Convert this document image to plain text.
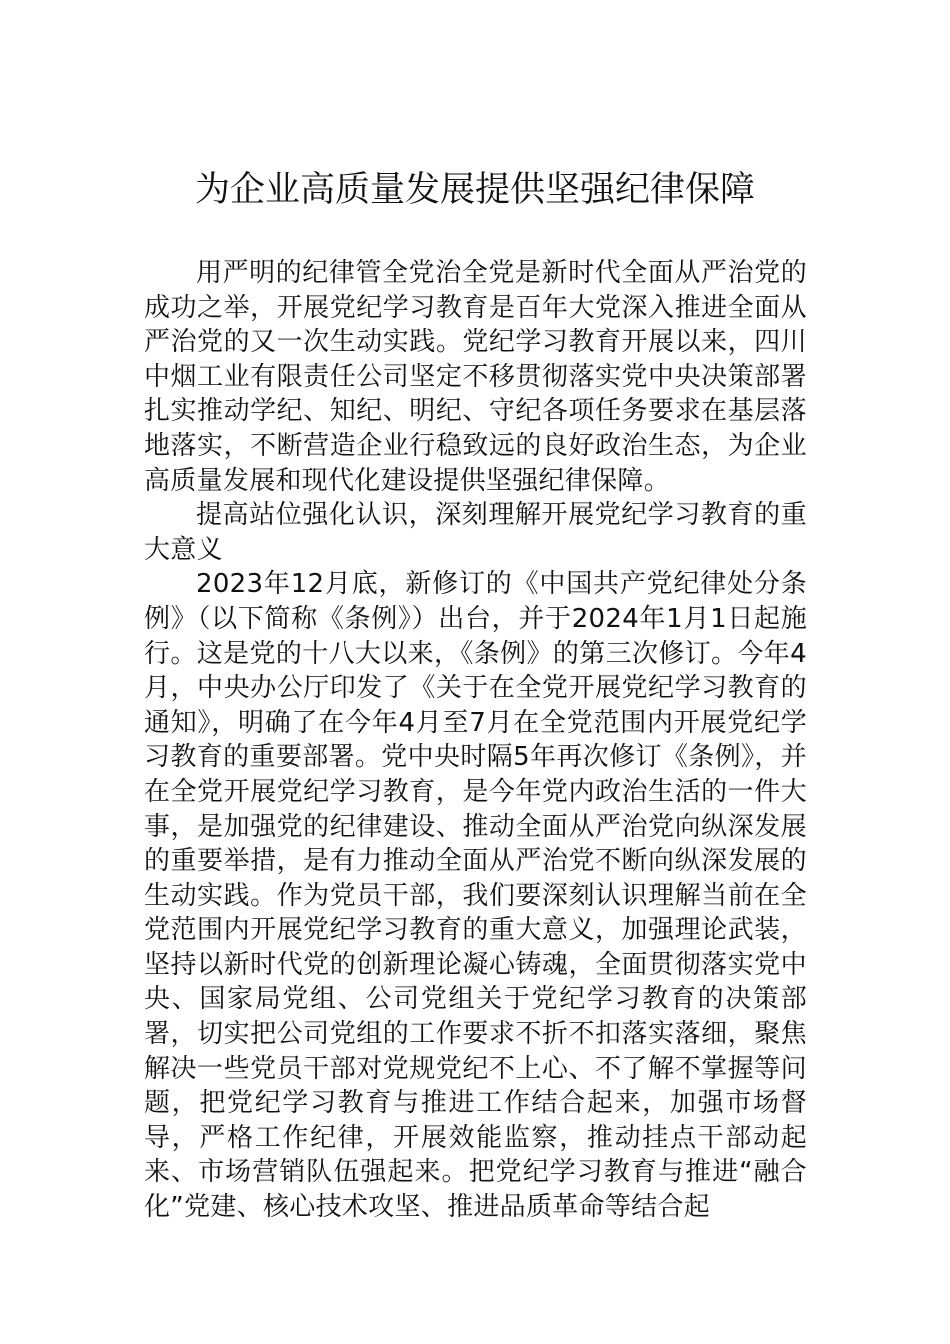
为企业高质量发展提供坚强纪律保障

用严明的纪律管全党治全党是新时代全面从严治党的成功之举，开展党纪学习教育是百年大党深入推进全面从严治党的又一次生动实践。党纪学习教育开展以来，四川中烟工业有限责任公司坚定不移贯彻落实党中央决策部署扎实推动学纪、知纪、明纪、守纪各项任务要求在基层落地落实，不断营造企业行稳致远的良好政治生态，为企业高质量发展和现代化建设提供坚强纪律保障。

提高站位强化认识，深刻理解开展党纪学习教育的重大意义

2023年12月底，新修订的《中国共产党纪律处分条例》（以下简称《条例》）出台，并于2024年1月1日起施行。这是党的十八大以来，《条例》的第三次修订。今年4月，中央办公厅印发了《关于在全党开展党纪学习教育的通知》，明确了在今年4月至7月在全党范围内开展党纪学习教育的重要部署。党中央时隔5年再次修订《条例》，并在全党开展党纪学习教育，是今年党内政治生活的一件大事，是加强党的纪律建设、推动全面从严治党向纵深发展的重要举措，是有力推动全面从严治党不断向纵深发展的生动实践。作为党员干部，我们要深刻认识理解当前在全党范围内开展党纪学习教育的重大意义，加强理论武装，坚持以新时代党的创新理论凝心铸魂，全面贯彻落实党中央、国家局党组、公司党组关于党纪学习教育的决策部署，切实把公司党组的工作要求不折不扣落实落细，聚焦解决一些党员干部对党规党纪不上心、不了解不掌握等问题，把党纪学习教育与推进工作结合起来，加强市场督导，严格工作纪律，开展效能监察，推动挂点干部动起来、市场营销队伍强起来。把党纪学习教育与推进“融合化”党建、核心技术攻坚、推进品质革命等结合起
